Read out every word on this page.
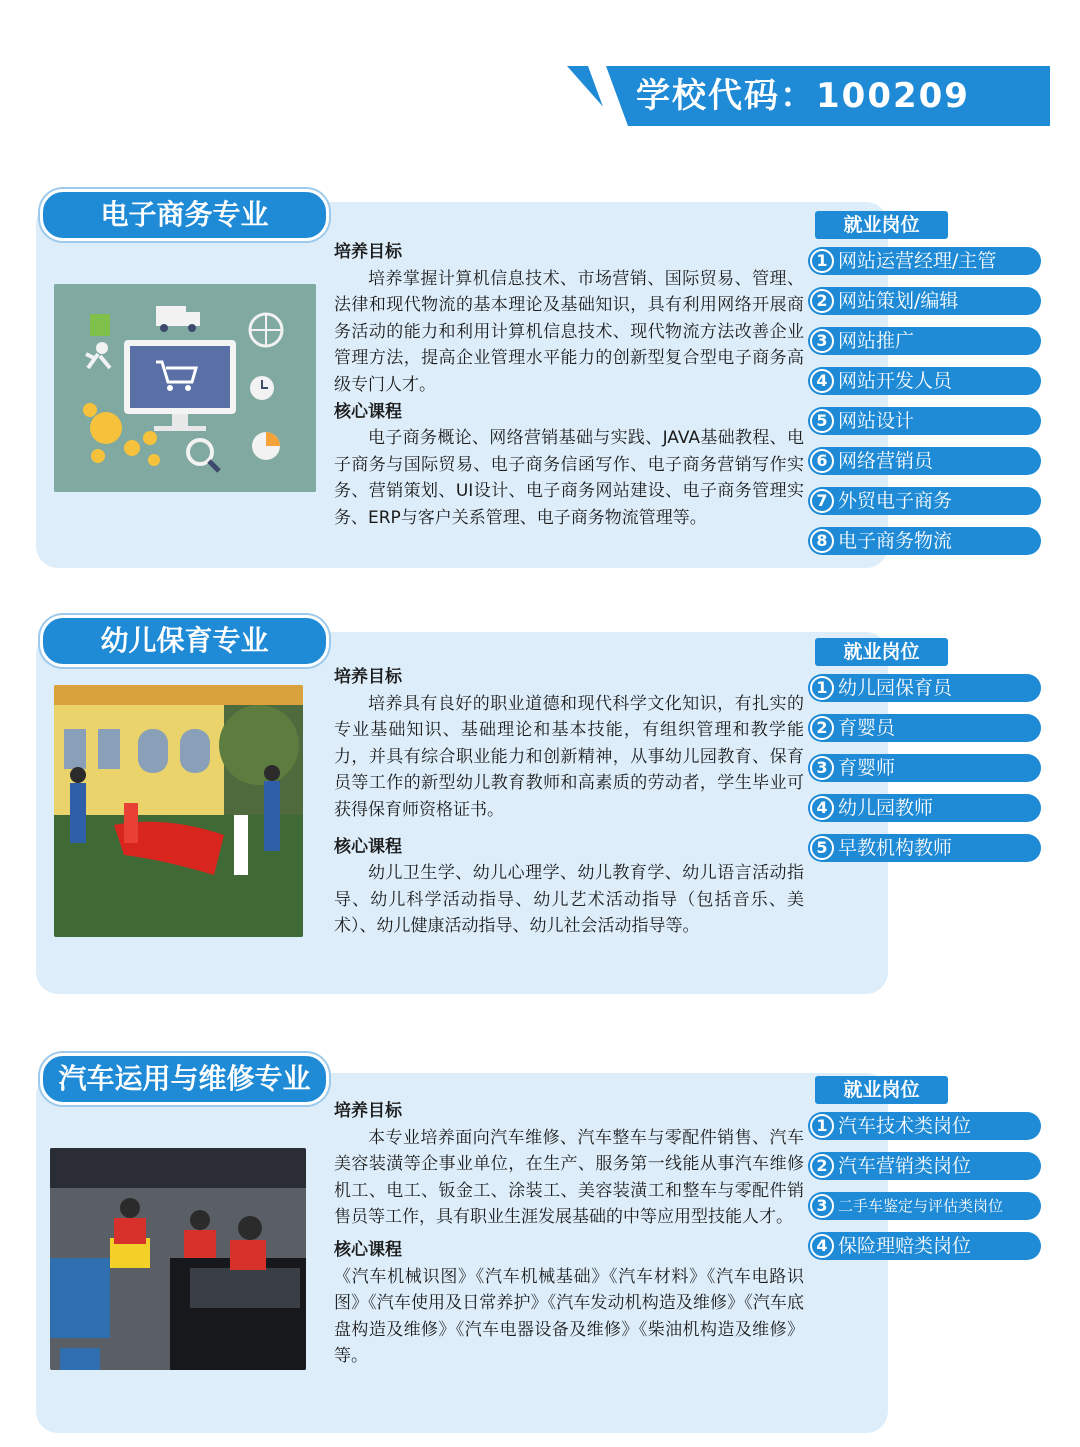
学校代码：100209
电子商务专业
培养目标
培养掌握计算机信息技术、市场营销、国际贸易、管理、法律和现代物流的基本理论及基础知识，具有利用网络开展商务活动的能力和利用计算机信息技术、现代物流方法改善企业管理方法，提高企业管理水平能力的创新型复合型电子商务高级专门人才。
核心课程
电子商务概论、网络营销基础与实践、JAVA基础教程、电子商务与国际贸易、电子商务信函写作、电子商务营销写作实务、营销策划、UI设计、电子商务网站建设、电子商务管理实务、ERP与客户关系管理、电子商务物流管理等。
就业岗位
1 网站运营经理/主管
2 网站策划/编辑
3 网站推广
4 网站开发人员
5 网站设计
6 网络营销员
7 外贸电子商务
8 电子商务物流
幼儿保育专业
培养目标
培养具有良好的职业道德和现代科学文化知识，有扎实的专业基础知识、基础理论和基本技能，有组织管理和教学能力，并具有综合职业能力和创新精神，从事幼儿园教育、保育员等工作的新型幼儿教育教师和高素质的劳动者，学生毕业可获得保育师资格证书。
核心课程
幼儿卫生学、幼儿心理学、幼儿教育学、幼儿语言活动指导、幼儿科学活动指导、幼儿艺术活动指导（包括音乐、美术）、幼儿健康活动指导、幼儿社会活动指导等。
就业岗位
1 幼儿园保育员
2 育婴员
3 育婴师
4 幼儿园教师
5 早教机构教师
汽车运用与维修专业
培养目标
本专业培养面向汽车维修、汽车整车与零配件销售、汽车美容装潢等企事业单位，在生产、服务第一线能从事汽车维修机工、电工、钣金工、涂装工、美容装潢工和整车与零配件销售员等工作，具有职业生涯发展基础的中等应用型技能人才。
核心课程
《汽车机械识图》《汽车机械基础》《汽车材料》《汽车电路识图》《汽车使用及日常养护》《汽车发动机构造及维修》《汽车底盘构造及维修》《汽车电器设备及维修》《柴油机构造及维修》等。
就业岗位
1 汽车技术类岗位
2 汽车营销类岗位
3 二手车鉴定与评估类岗位
4 保险理赔类岗位
